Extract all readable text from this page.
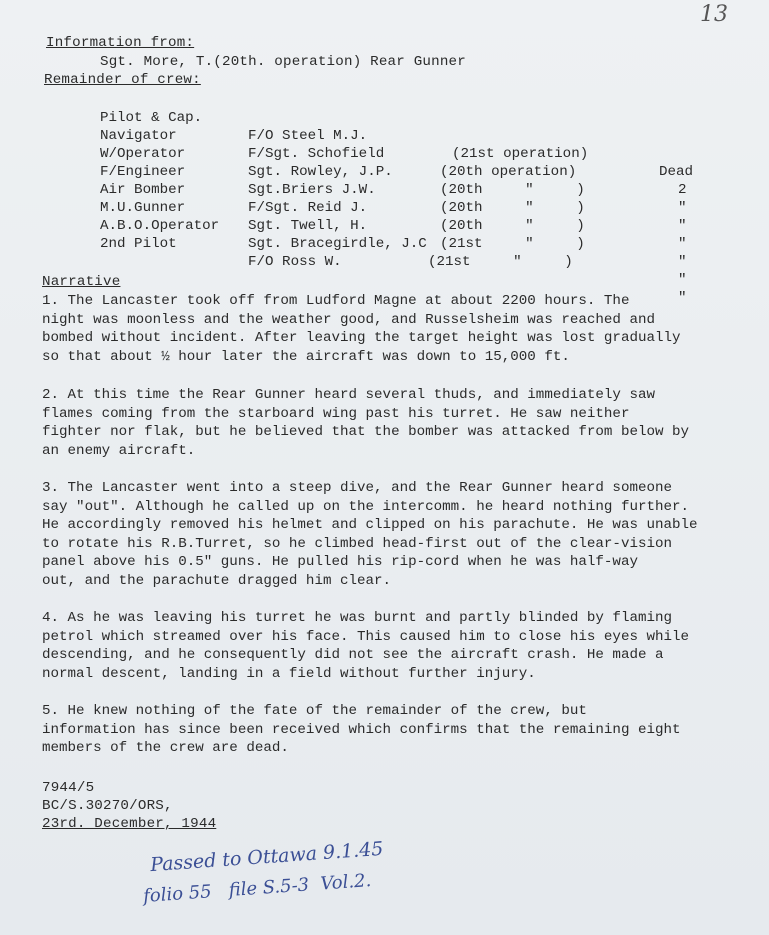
13
Information from:
Sgt. More, T.(20th. operation) Rear Gunner
Remainder of crew:

Pilot & Cap.

F/O Steel M.J.

(21st operation)

Dead

Navigator

F/Sgt. Schofield

(20th operation)

2

W/Operator

Sgt. Rowley, J.P.

(20th     "     )

"

F/Engineer

Sgt.Briers J.W.

(20th     "     )

"

Air Bomber

F/Sgt. Reid J.

(20th     "     )

"

M.U.Gunner

Sgt. Twell, H.

(21st     "     )

"

A.B.O.Operator

Sgt. Bracegirdle, J.C

(21st     "     )

"

2nd Pilot

F/O Ross W.

"

Narrative
1. The Lancaster took off from Ludford Magne at about 2200 hours. The
night was moonless and the weather good, and Russelsheim was reached and
bombed without incident. After leaving the target height was lost gradually
so that about ½ hour later the aircraft was down to 15,000 ft.
2. At this time the Rear Gunner heard several thuds, and immediately saw
flames coming from the starboard wing past his turret. He saw neither
fighter nor flak, but he believed that the bomber was attacked from below by
an enemy aircraft.
3. The Lancaster went into a steep dive, and the Rear Gunner heard someone
say "out". Although he called up on the intercomm. he heard nothing further.
He accordingly removed his helmet and clipped on his parachute. He was unable
to rotate his R.B.Turret, so he climbed head-first out of the clear-vision
panel above his 0.5" guns. He pulled his rip-cord when he was half-way
out, and the parachute dragged him clear.
4. As he was leaving his turret he was burnt and partly blinded by flaming
petrol which streamed over his face. This caused him to close his eyes while
descending, and he consequently did not see the aircraft crash. He made a
normal descent, landing in a field without further injury.
5. He knew nothing of the fate of the remainder of the crew, but
information has since been received which confirms that the remaining eight
members of the crew are dead.
7944/5
BC/S.30270/ORS,
23rd. December, 1944
Passed to Ottawa 9.1.45
folio 55   file S.5-3  Vol.2.
